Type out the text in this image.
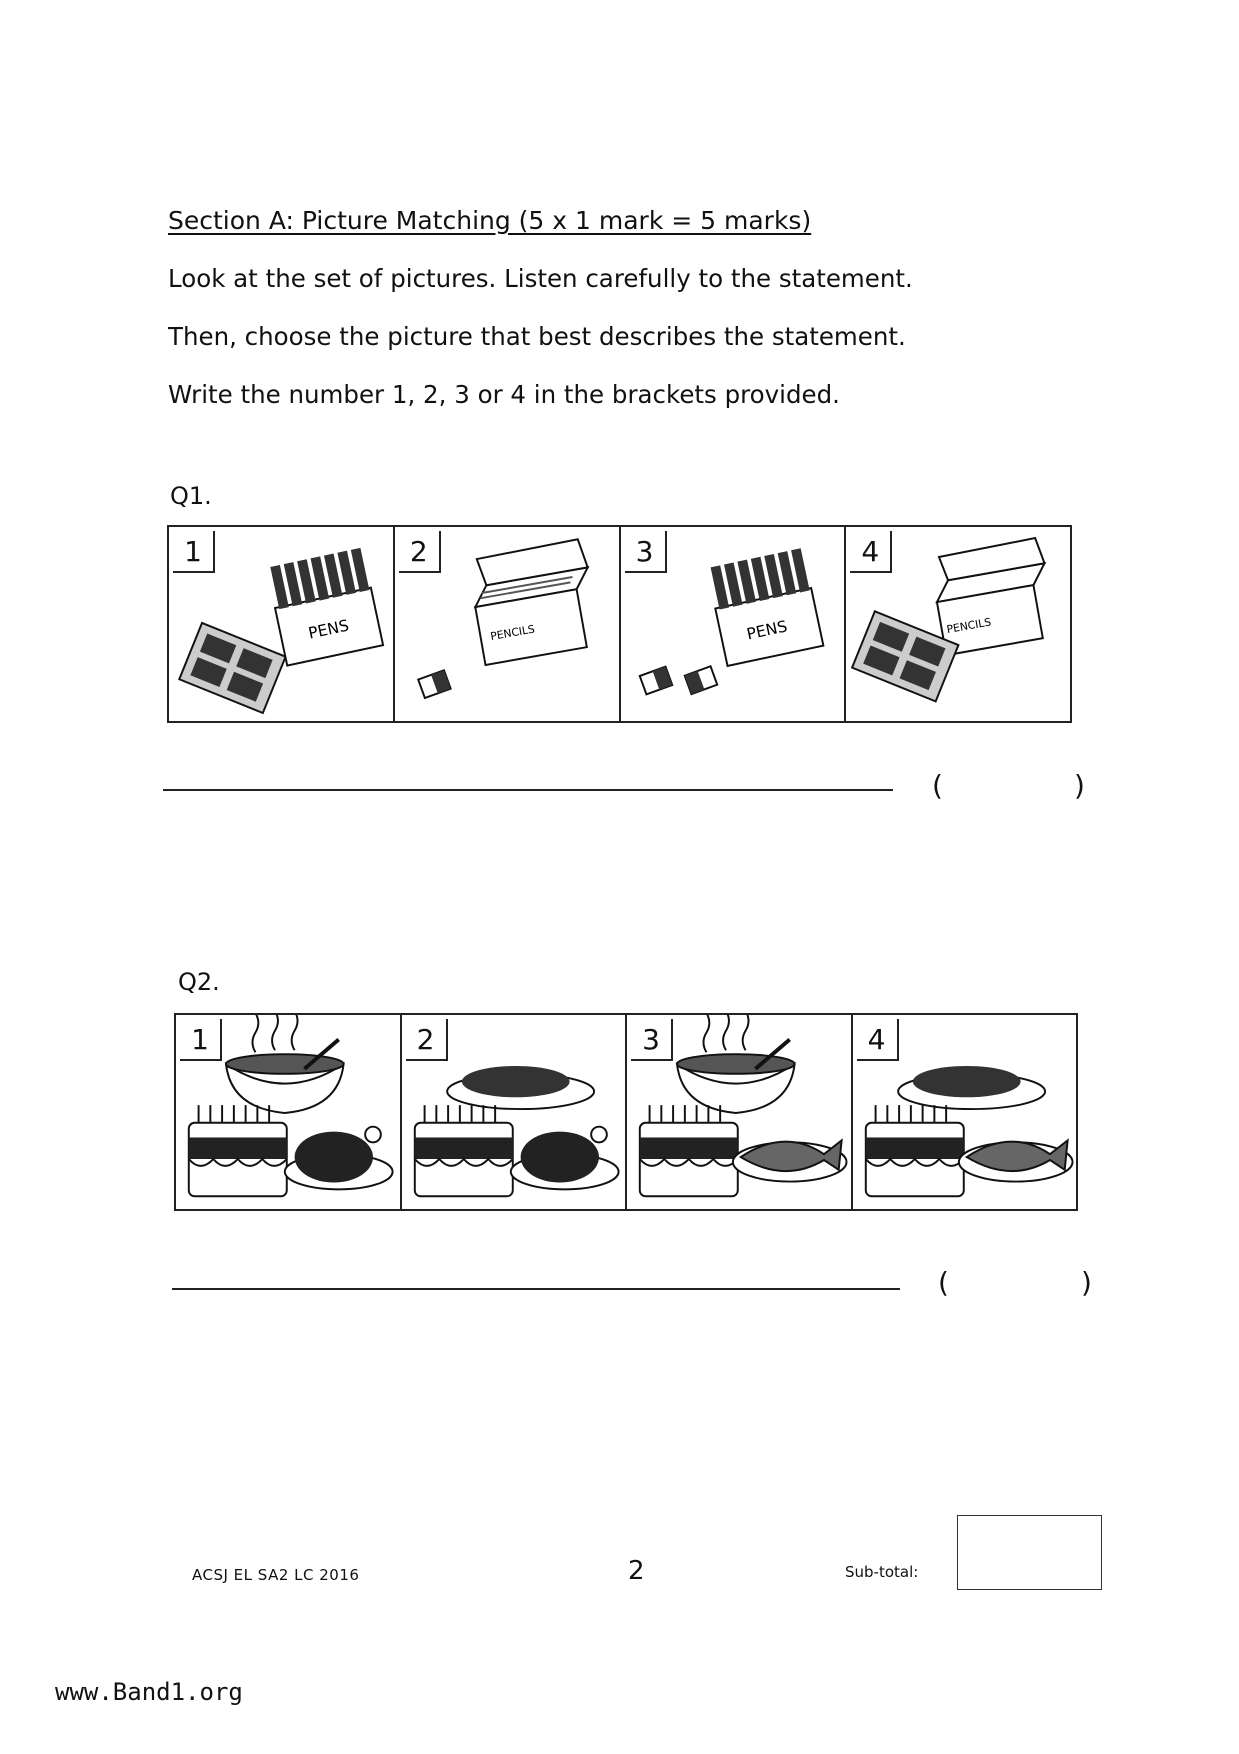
Section A: Picture Matching (5 x 1 mark = 5 marks)
Look at the set of pictures. Listen carefully to the statement.
Then, choose the picture that best describes the statement.
Write the number 1, 2, 3 or 4 in the brackets provided.
Q1.
PENS
1
PENCILS
2
PENS
3
PENCILS
4
(	)
Q2.
1	2	3	4
(	)
ACSJ EL SA2 LC 2016	2	Sub-total:
www.Band1.org
